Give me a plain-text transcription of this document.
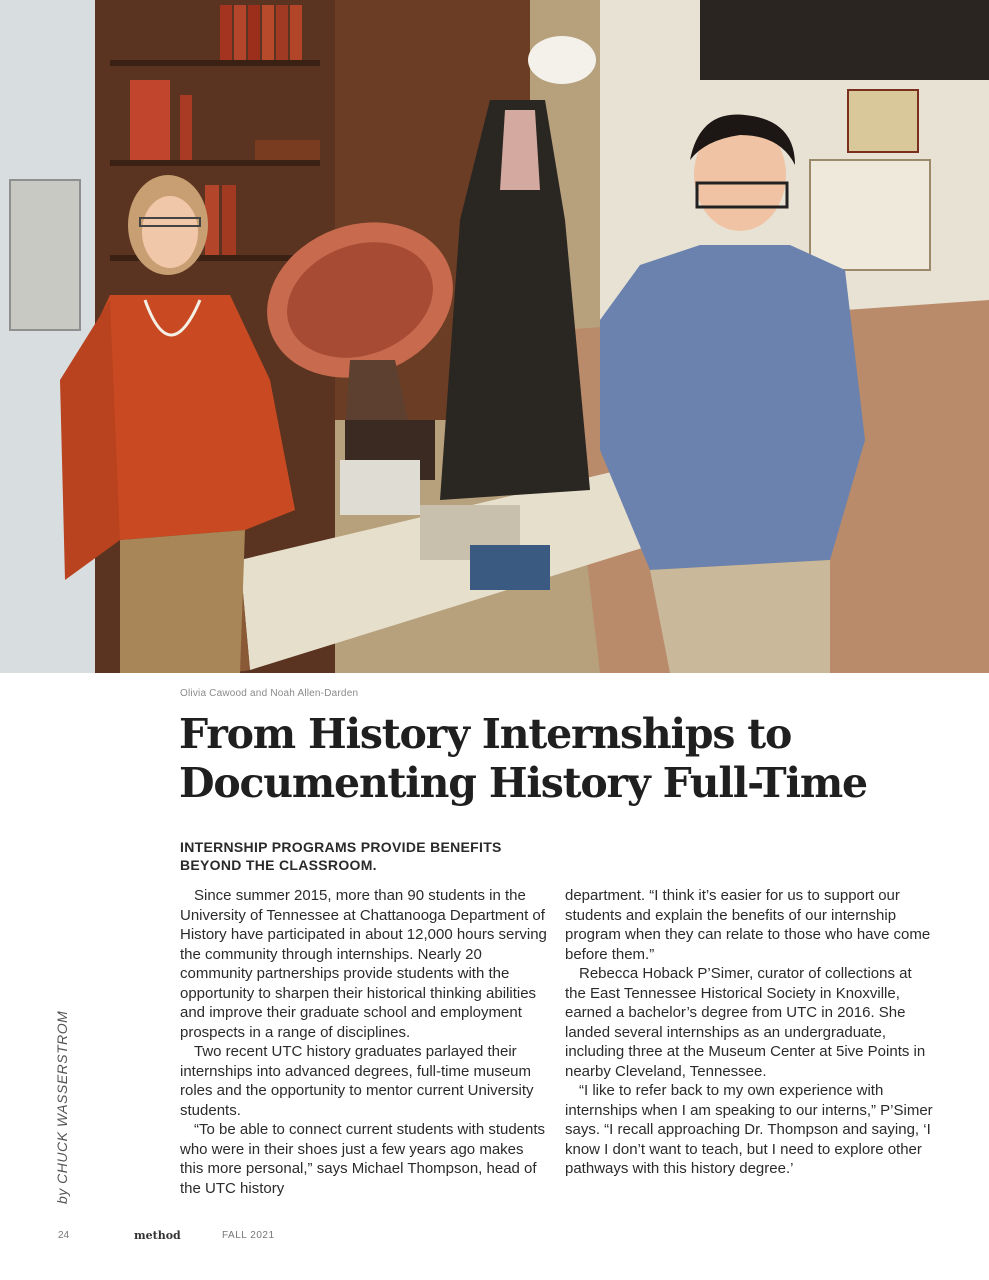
Olivia Cawood and Noah Allen-Darden
From History Internships to
Documenting History Full-Time
INTERNSHIP PROGRAMS PROVIDE BENEFITS BEYOND THE CLASSROOM.

Since summer 2015, more than 90 students in the University of Tennessee at Chattanooga Department of History have participated in about 12,000 hours serving the community through internships. Nearly 20 community partnerships provide students with the opportunity to sharpen their historical thinking abilities and improve their graduate school and employment prospects in a range of disciplines.

Two recent UTC history graduates parlayed their internships into advanced degrees, full-time museum roles and the opportunity to mentor current University students.

“To be able to connect current students with students who were in their shoes just a few years ago makes this more personal,” says Michael Thompson, head of the UTC history

department. “I think it’s easier for us to support our students and explain the benefits of our internship program when they can relate to those who have come before them.”

Rebecca Hoback P’Simer, curator of collections at the East Tennessee Historical Society in Knoxville, earned a bachelor’s degree from UTC in 2016. She landed several internships as an undergraduate, including three at the Museum Center at 5ive Points in nearby Cleveland, Tennessee.

“I like to refer back to my own experience with internships when I am speaking to our interns,” P’Simer says. “I recall approaching Dr. Thompson and saying, ‘I know I don’t want to teach, but I need to explore other pathways with this history degree.’

by CHUCK WASSERSTROM
24	method	FALL 2021
